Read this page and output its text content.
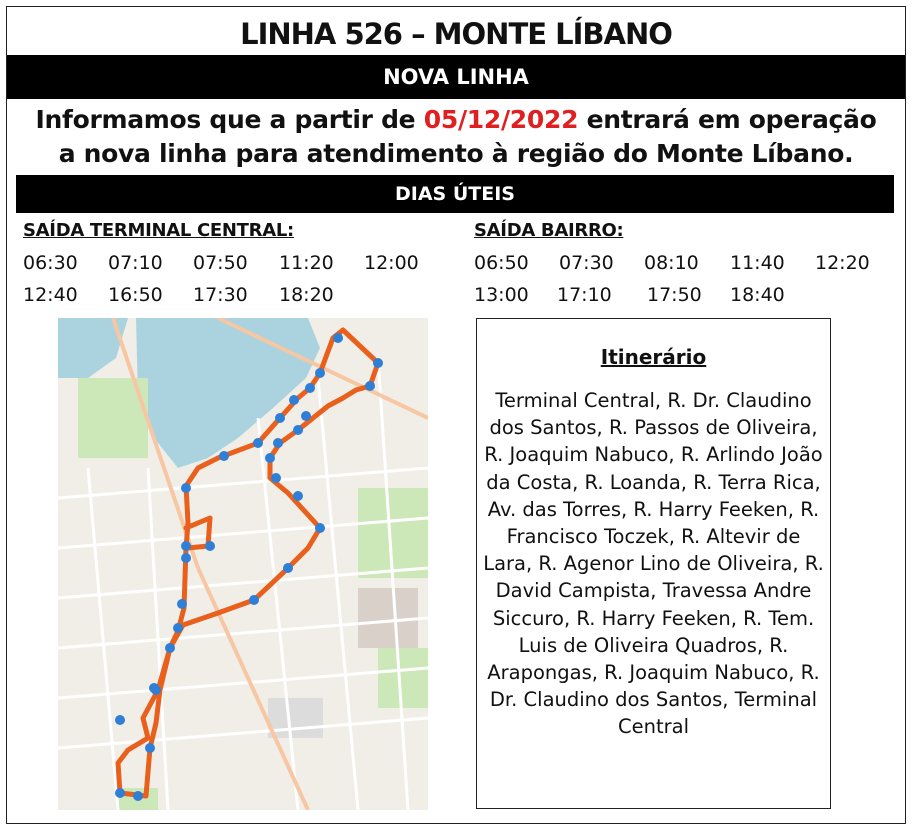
LINHA 526 – MONTE LÍBANO
NOVA LINHA
Informamos que a partir de 05/12/2022 entrará em operação
a nova linha para atendimento à região do Monte Líbano.
DIAS ÚTEIS
SAÍDA TERMINAL CENTRAL:	SAÍDA BAIRRO:
06:30 07:10 07:50 11:20 12:00
12:40 16:50 17:30 18:20
06:50 07:30 08:10 11:40 12:20
13:00 17:10 17:50 18:40
Itinerário
Terminal Central, R. Dr. Claudino dos Santos, R. Passos de Oliveira, R. Joaquim Nabuco, R. Arlindo João da Costa, R. Loanda, R. Terra Rica, Av. das Torres, R. Harry Feeken, R. Francisco Toczek, R. Altevir de Lara, R. Agenor Lino de Oliveira, R. David Campista, Travessa Andre Siccuro, R. Harry Feeken, R. Tem. Luis de Oliveira Quadros, R. Arapongas, R. Joaquim Nabuco, R. Dr. Claudino dos Santos, Terminal Central
